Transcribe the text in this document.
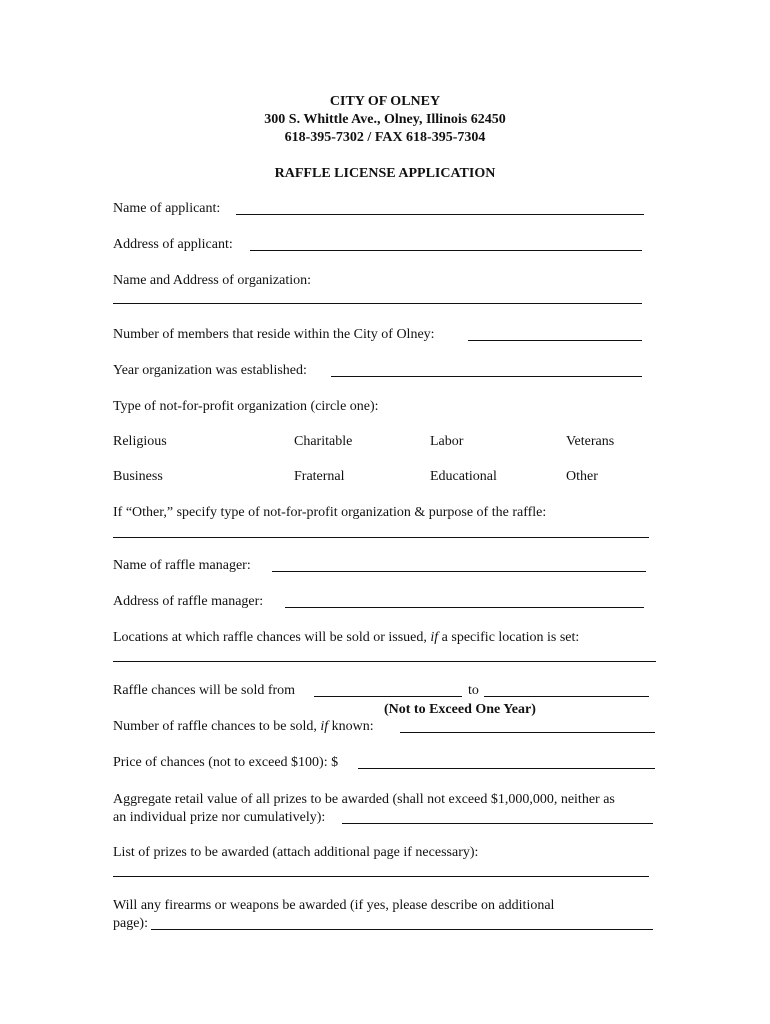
CITY OF OLNEY
300 S. Whittle Ave., Olney, Illinois 62450
618-395-7302 / FAX 618-395-7304
RAFFLE LICENSE APPLICATION
Name of applicant:
Address of applicant:
Name and Address of organization:
Number of members that reside within the City of Olney:
Year organization was established:
Type of not-for-profit organization (circle one):
Religious	Charitable	Labor	Veterans
Business	Fraternal	Educational	Other
If “Other,” specify type of not-for-profit organization & purpose of the raffle:
Name of raffle manager:
Address of raffle manager:
Locations at which raffle chances will be sold or issued, if a specific location is set:
Raffle chances will be sold from	to
(Not to Exceed One Year)
Number of raffle chances to be sold, if known:
Price of chances (not to exceed $100): $
Aggregate retail value of all prizes to be awarded (shall not exceed $1,000,000, neither as
an individual prize nor cumulatively):
List of prizes to be awarded (attach additional page if necessary):
Will any firearms or weapons be awarded (if yes, please describe on additional
page):
